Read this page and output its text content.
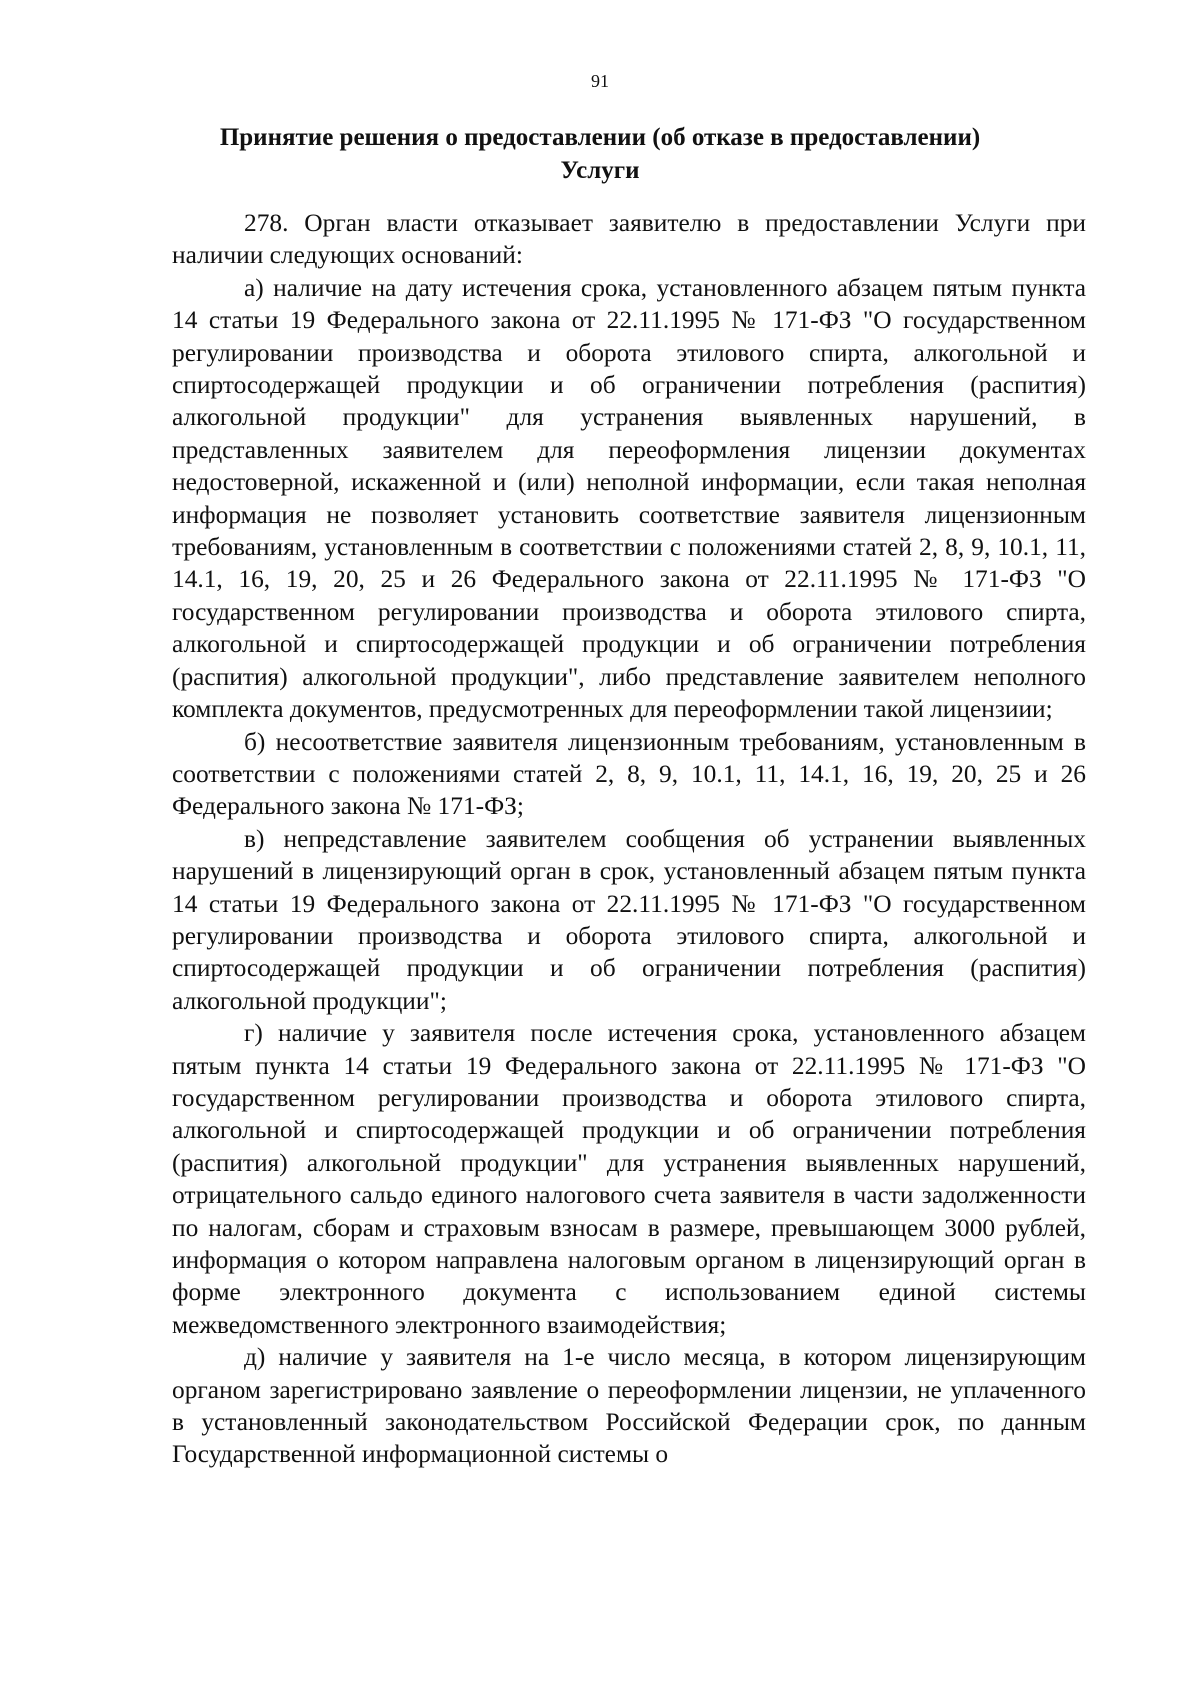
91
Принятие решения о предоставлении (об отказе в предоставлении)
Услуги

278. Орган власти отказывает заявителю в предоставлении Услуги при наличии следующих оснований:

а) наличие на дату истечения срока, установленного абзацем пятым пункта 14 статьи 19 Федерального закона от 22.11.1995 № 171-ФЗ "О государственном регулировании производства и оборота этилового спирта, алкогольной и спиртосодержащей продукции и об ограничении потребления (распития) алкогольной продукции" для устранения выявленных нарушений, в представленных заявителем для переоформления лицензии документах недостоверной, искаженной и (или) неполной информации, если такая неполная информация не позволяет установить соответствие заявителя лицензионным требованиям, установленным в соответствии с положениями статей 2, 8, 9, 10.1, 11, 14.1, 16, 19, 20, 25 и 26 Федерального закона от 22.11.1995 № 171-ФЗ "О государственном регулировании производства и оборота этилового спирта, алкогольной и спиртосодержащей продукции и об ограничении потребления (распития) алкогольной продукции", либо представление заявителем неполного комплекта документов, предусмотренных для переоформлении такой лицензиии;

б) несоответствие заявителя лицензионным требованиям, установленным в соответствии с положениями статей 2, 8, 9, 10.1, 11, 14.1, 16, 19, 20, 25 и 26 Федерального закона № 171-ФЗ;

в) непредставление заявителем сообщения об устранении выявленных нарушений в лицензирующий орган в срок, установленный абзацем пятым пункта 14 статьи 19 Федерального закона от 22.11.1995 № 171-ФЗ "О государственном регулировании производства и оборота этилового спирта, алкогольной и спиртосодержащей продукции и об ограничении потребления (распития) алкогольной продукции";

г) наличие у заявителя после истечения срока, установленного абзацем пятым пункта 14 статьи 19 Федерального закона от 22.11.1995 № 171-ФЗ "О государственном регулировании производства и оборота этилового спирта, алкогольной и спиртосодержащей продукции и об ограничении потребления (распития) алкогольной продукции" для устранения выявленных нарушений, отрицательного сальдо единого налогового счета заявителя в части задолженности по налогам, сборам и страховым взносам в размере, превышающем 3000 рублей, информация о котором направлена налоговым органом в лицензирующий орган в форме электронного документа с использованием единой системы межведомственного электронного взаимодействия;

д) наличие у заявителя на 1-е число месяца, в котором лицензирующим органом зарегистрировано заявление о переоформлении лицензии, не уплаченного в установленный законодательством Российской Федерации срок, по данным Государственной информационной системы о
